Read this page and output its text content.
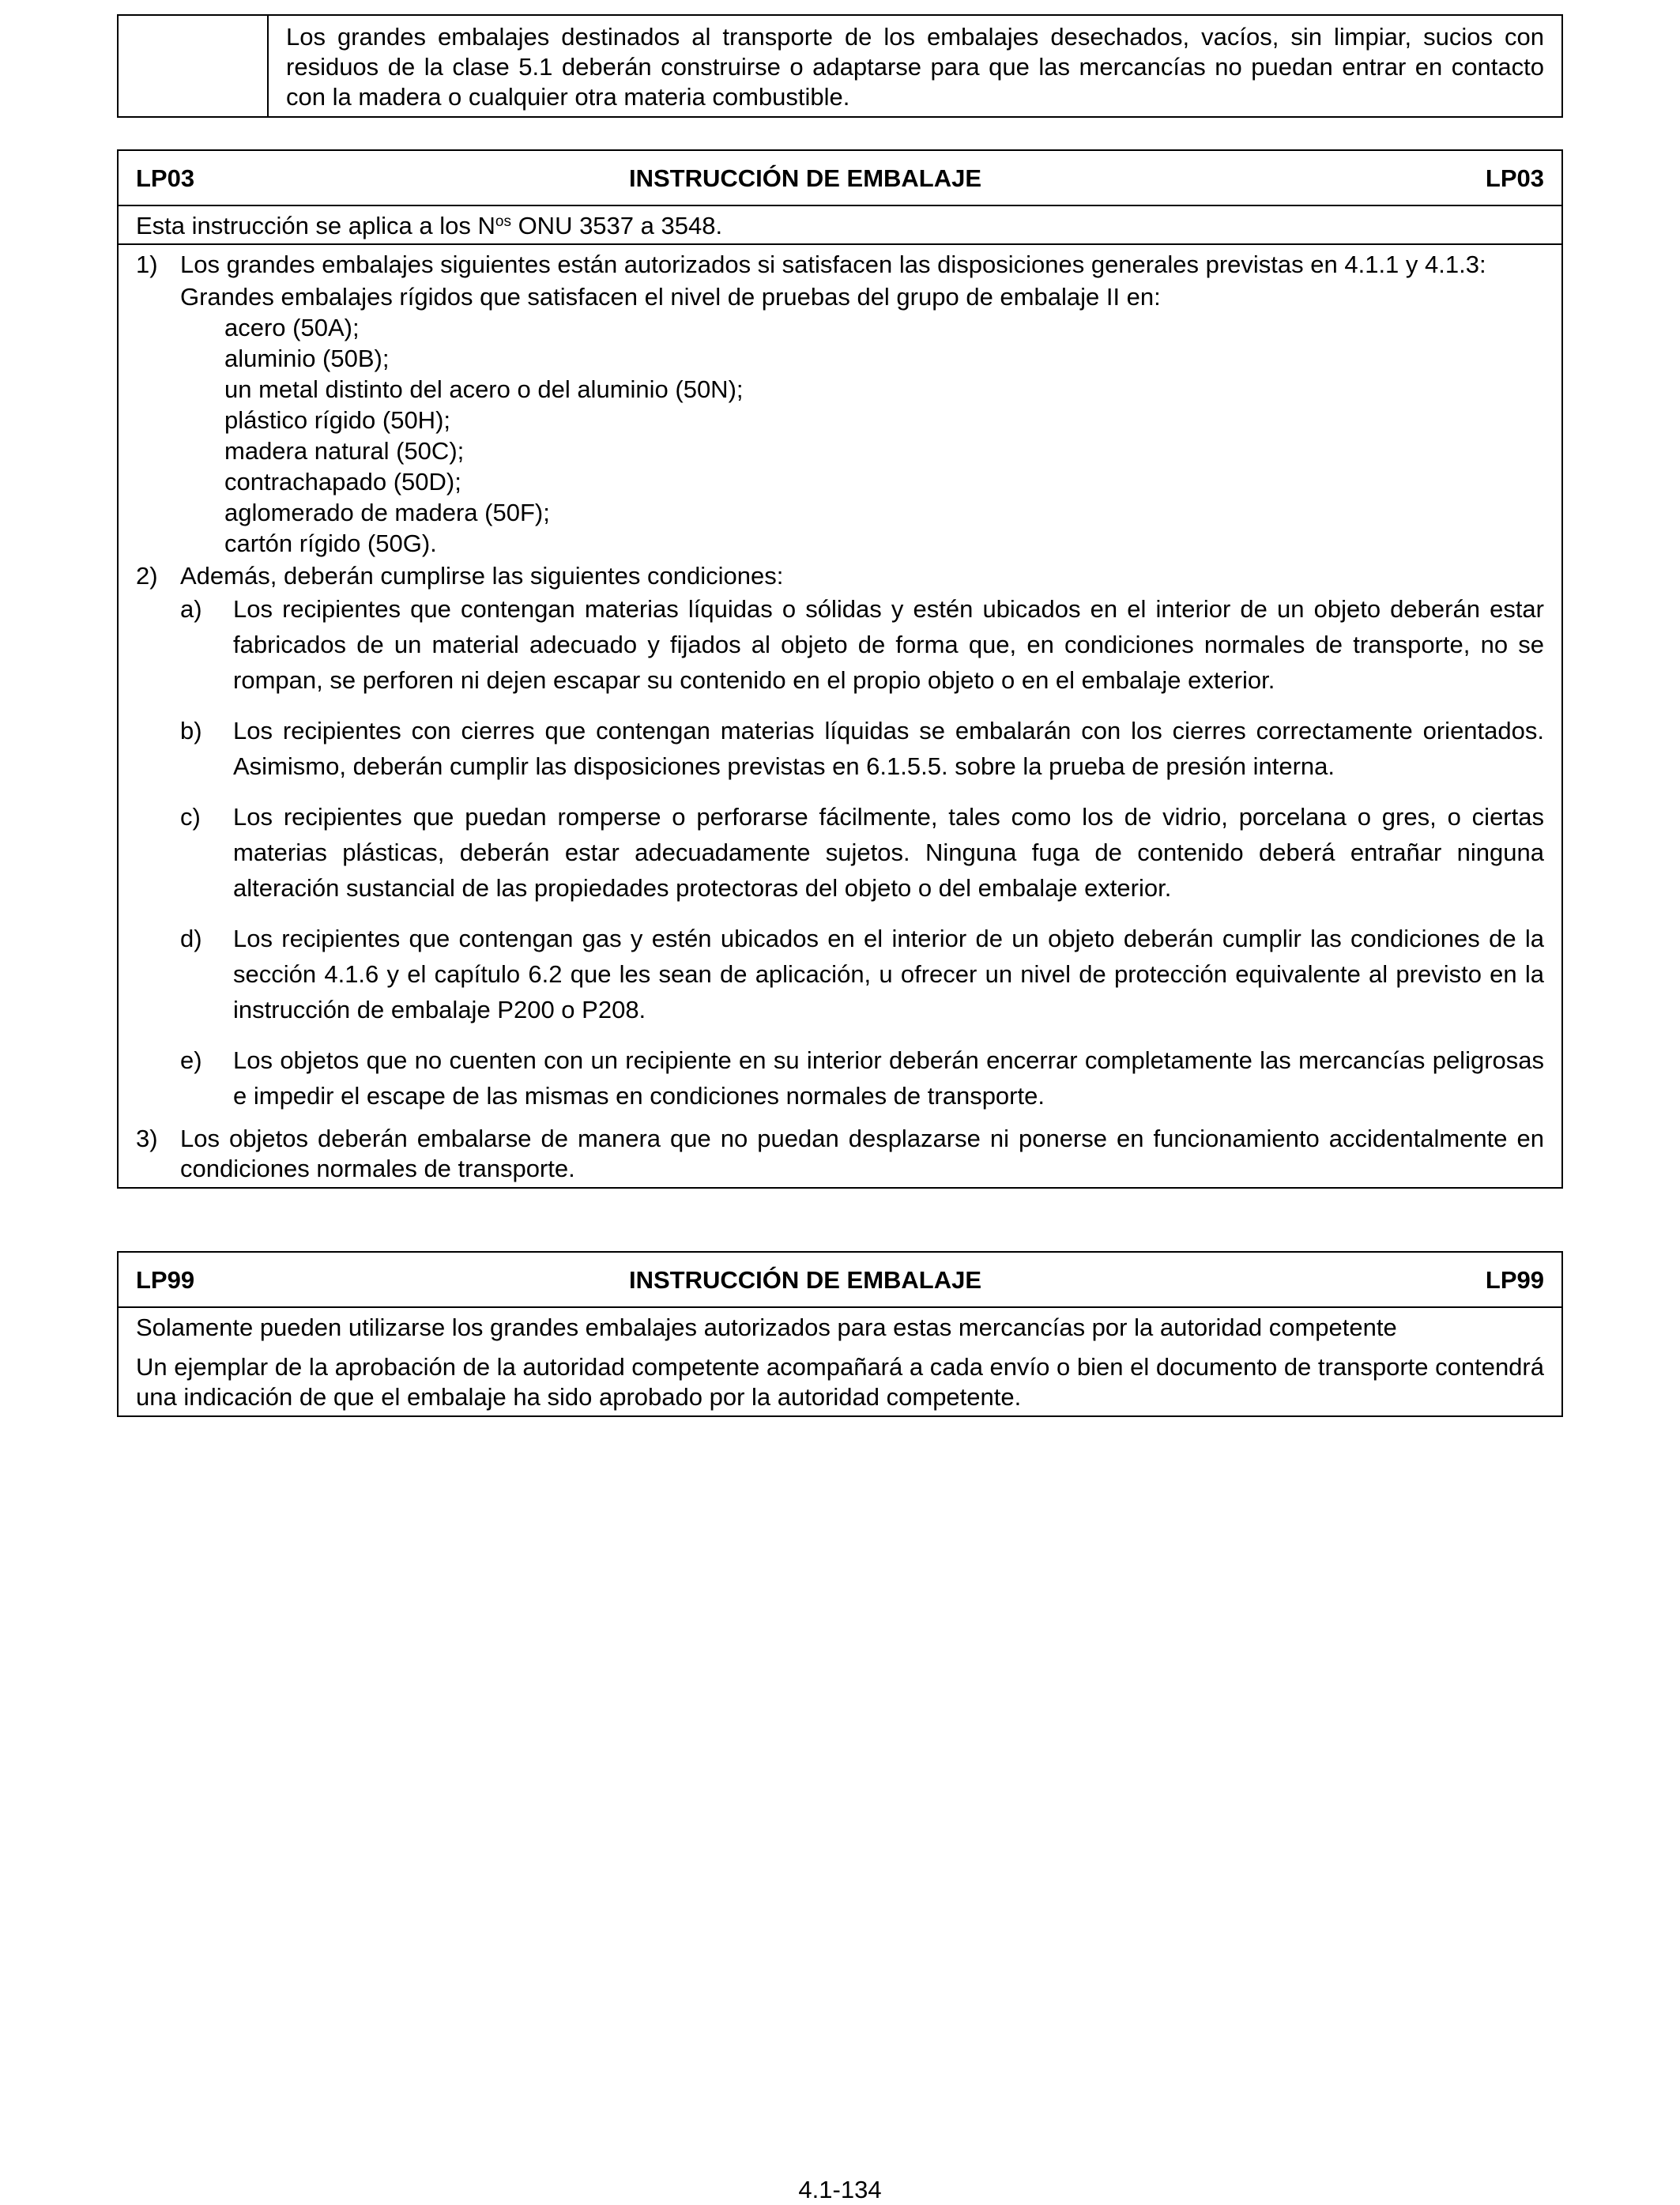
	Los grandes embalajes destinados al transporte de los embalajes desechados, vacíos, sin limpiar, sucios con residuos de la clase 5.1 deberán construirse o adaptarse para que las mercancías no puedan entrar en contacto con la madera o cualquier otra materia combustible.
LP03	INSTRUCCIÓN DE EMBALAJE	LP03
Esta instrucción se aplica a los $N^{os}$ ONU 3537 a 3548.
1) Los grandes embalajes siguientes están autorizados si satisfacen las disposiciones generales previstas en 4.1.1 y 4.1.3:
Grandes embalajes rígidos que satisfacen el nivel de pruebas del grupo de embalaje II en:
acero (50A);
aluminio (50B);
un metal distinto del acero o del aluminio (50N);
plástico rígido (50H);
madera natural (50C);
contrachapado (50D);
aglomerado de madera (50F);
cartón rígido (50G).
2) Además, deberán cumplirse las siguientes condiciones:
a)	Los recipientes que contengan materias líquidas o sólidas y estén ubicados en el interior de un objeto deberán estar fabricados de un material adecuado y fijados al objeto de forma que, en condiciones normales de transporte, no se rompan, se perforen ni dejen escapar su contenido en el propio objeto o en el embalaje exterior.
b)	Los recipientes con cierres que contengan materias líquidas se embalarán con los cierres correctamente orientados. Asimismo, deberán cumplir las disposiciones previstas en 6.1.5.5. sobre la prueba de presión interna.
c)	Los recipientes que puedan romperse o perforarse fácilmente, tales como los de vidrio, porcelana o gres, o ciertas materias plásticas, deberán estar adecuadamente sujetos. Ninguna fuga de contenido deberá entrañar ninguna alteración sustancial de las propiedades protectoras del objeto o del embalaje exterior.
d)	Los recipientes que contengan gas y estén ubicados en el interior de un objeto deberán cumplir las condiciones de la sección 4.1.6 y el capítulo 6.2 que les sean de aplicación, u ofrecer un nivel de protección equivalente al previsto en la instrucción de embalaje P200 o P208.
e)	Los objetos que no cuenten con un recipiente en su interior deberán encerrar completamente las mercancías peligrosas e impedir el escape de las mismas en condiciones normales de transporte.
3) Los objetos deberán embalarse de manera que no puedan desplazarse ni ponerse en funcionamiento accidentalmente en condiciones normales de transporte.
LP99	INSTRUCCIÓN DE EMBALAJE	LP99
Solamente pueden utilizarse los grandes embalajes autorizados para estas mercancías por la autoridad competente
Un ejemplar de la aprobación de la autoridad competente acompañará a cada envío o bien el documento de transporte contendrá una indicación de que el embalaje ha sido aprobado por la autoridad competente.
4.1-134
